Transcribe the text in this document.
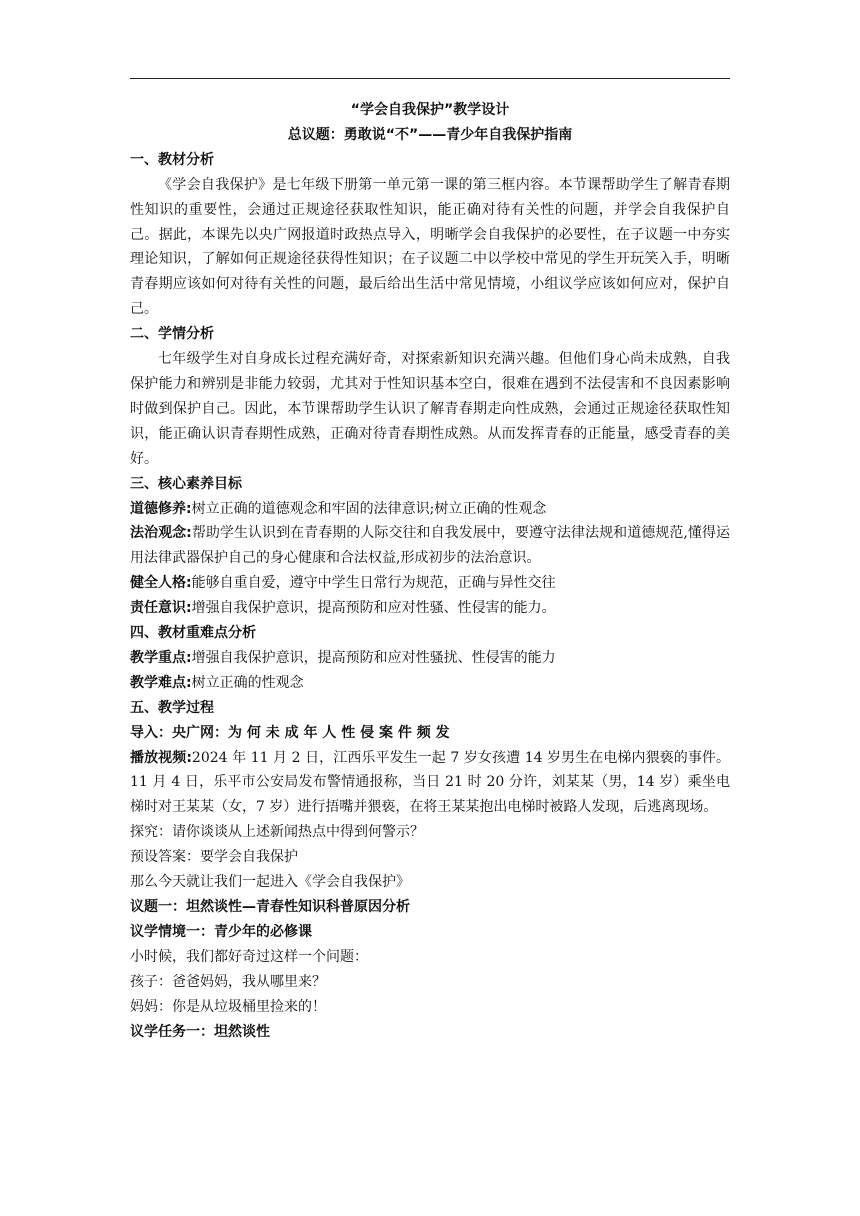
“学会自我保护”教学设计

总议题：勇敢说“不”——青少年自我保护指南

一、教材分析

《学会自我保护》是七年级下册第一单元第一课的第三框内容。本节课帮助学生了解青春期性知识的重要性，会通过正规途径获取性知识，能正确对待有关性的问题，并学会自我保护自己。据此，本课先以央广网报道时政热点导入，明晰学会自我保护的必要性，在子议题一中夯实理论知识，了解如何正规途径获得性知识；在子议题二中以学校中常见的学生开玩笑入手，明晰青春期应该如何对待有关性的问题，最后给出生活中常见情境，小组议学应该如何应对，保护自己。

二、学情分析

七年级学生对自身成长过程充满好奇，对探索新知识充满兴趣。但他们身心尚未成熟，自我保护能力和辨别是非能力较弱，尤其对于性知识基本空白，很难在遇到不法侵害和不良因素影响时做到保护自己。因此，本节课帮助学生认识了解青春期走向性成熟，会通过正规途径获取性知识，能正确认识青春期性成熟，正确对待青春期性成熟。从而发挥青春的正能量，感受青春的美好。

三、核心素养目标

道德修养:树立正确的道德观念和牢固的法律意识;树立正确的性观念

法治观念:帮助学生认识到在青春期的人际交往和自我发展中，要遵守法律法规和道德规范,懂得运用法律武器保护自己的身心健康和合法权益,形成初步的法治意识。

健全人格:能够自重自爱，遵守中学生日常行为规范，正确与异性交往

责任意识:增强自我保护意识，提高预防和应对性骚、性侵害的能力。

四、教材重难点分析

教学重点:增强自我保护意识，提高预防和应对性骚扰、性侵害的能力

教学难点:树立正确的性观念

五、教学过程

导入：央广网：为 何 未 成 年 人 性 侵 案 件 频 发

播放视频:2024 年 11 月 2 日，江西乐平发生一起 7 岁女孩遭 14 岁男生在电梯内猥亵的事件。11 月 4 日，乐平市公安局发布警情通报称，当日 21 时 20 分许，刘某某（男，14 岁）乘坐电梯时对王某某（女，7 岁）进行捂嘴并猥亵，在将王某某抱出电梯时被路人发现，后逃离现场。

探究：请你谈谈从上述新闻热点中得到何警示？

预设答案：要学会自我保护

那么今天就让我们一起进入《学会自我保护》

议题一：坦然谈性—青春性知识科普原因分析

议学情境一：青少年的必修课

小时候，我们都好奇过这样一个问题：

孩子：爸爸妈妈，我从哪里来？

妈妈：你是从垃圾桶里捡来的！

议学任务一：坦然谈性
